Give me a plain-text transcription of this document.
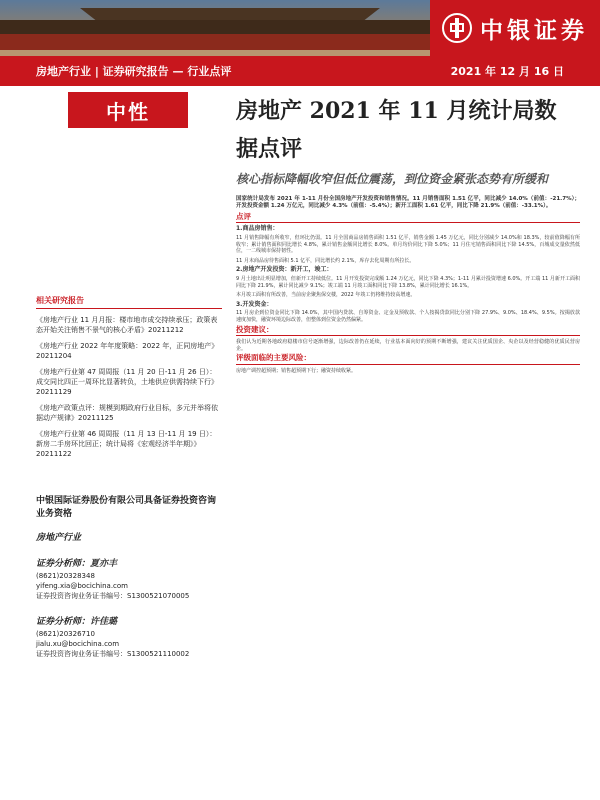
中银证券
房地产行业 | 证券研究报告 — 行业点评	2021 年 12 月 16 日
中性	房地产 2021 年 11 月统计局数据点评
核心指标降幅收窄但低位震荡，到位资金紧张态势有所缓和
相关研究报告
《房地产行业 11 月月报：楼市地市成交持续承压；政策表态开始关注销售不景气的核心矛盾》20211212
《房地产行业 2022 年年度策略：2022 年，正同房地产》20211204
《房地产行业第 47 周周报（11 月 20 日-11 月 26 日）：成交同比四正一周环比显著转负，土地供应供需持续下行》20211129
《房地产政策点评：规模到期政府行业目标，多元并举将依据动产规律》20211125
《房地产行业第 46 周周报（11 月 13 日-11 月 19 日）：新房二手房环比回正；统计局将《宏观经济半年期》》20211122
中银国际证券股份有限公司具备证券投资咨询业务资格
房地产行业
证券分析师：夏亦丰
(8621)20328348
yifeng.xia@bocichina.com
证券投资咨询业务证书编号：S1300521070005
证券分析师：许佳璐
(8621)20326710
jialu.xu@bocichina.com
证券投资咨询业务证书编号：S1300521110002

国家统计局发布 2021 年 1-11 月份全国房地产开发投资和销售情况。11 月销售面积 1.51 亿平，同比减少 14.0%（前值：-21.7%）；开发投资金额 1.24 万亿元，同比减少 4.3%（前值：-5.4%）；新开工面积 1.61 亿平，同比下降 21.9%（前值：-33.1%）。

点评
1.商品房销售：

11 月销售降幅有所收窄，但环比仍弱。11 月全国商品房销售面积 1.51 亿平，销售金额 1.45 万亿元，同比分别减少 14.0%和 18.3%，较前值降幅有所收窄；累计销售面积同比增长 4.8%，累计销售金额同比增长 8.0%。单月均价同比下降 5.0%；11 月住宅销售面积同比下降 14.5%，百城成交量依然低位，一二线城市保持韧性。

11 月末商品房待售面积 5.1 亿平，同比增长约 2.1%，库存去化周期有所拉长。

2.房地产开发投资：新开工，竣工：

9 月土地出让明显增加，但新开工持续低位。11 月开发投资完成额 1.24 万亿元，同比下降 4.3%；1-11 月累计投资增速 6.0%。开工端 11 月新开工面积同比下降 21.9%，累计同比减少 9.1%；竣工端 11 月竣工面积同比下降 13.8%，累计同比增长 16.1%。

本月竣工面积有所改善，当前房企聚焦保交楼，2022 年竣工仍将维持较高增速。

3.开发资金：

11 月房企到位资金同比下降 14.0%，其中国内贷款、自筹资金、定金及预收款、个人按揭贷款同比分别下降 27.9%、9.0%、18.4%、9.5%。按揭放款速度加快，融资环境边际改善，但整体到位资金仍然偏紧。

投资建议：

我们认为近期各地政府稳楼市信号逐渐增强，边际改善仍在延续，行业基本面向好的预期不断增强，建议关注优质国企、央企以及经营稳健的优质民营房企。

评级面临的主要风险：

房地产调控超预期；销售超预期下行；融资持续收紧。
